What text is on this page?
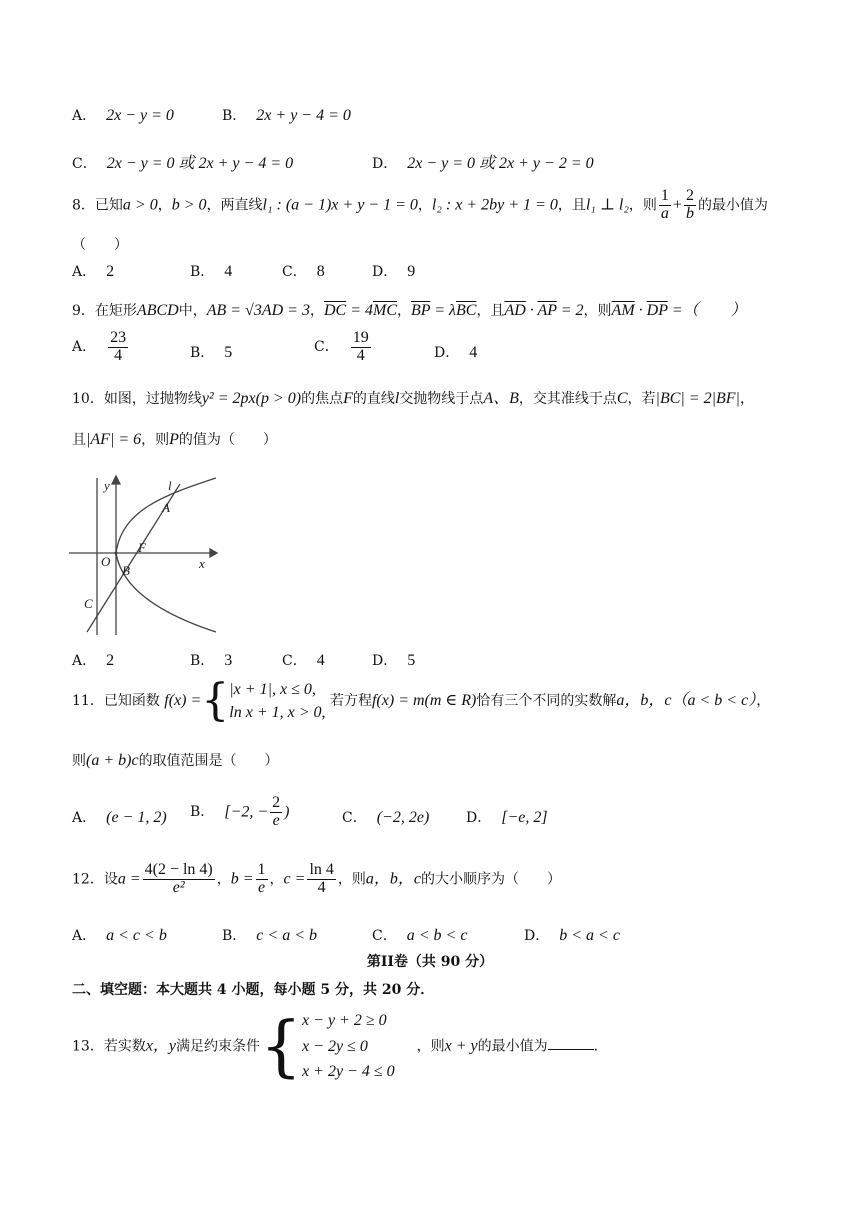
A． 2x − y = 0	B． 2x + y − 4 = 0
C． 2x − y = 0 或 2x + y − 4 = 0	D． 2x − y = 0 或 2x + y − 2 = 0
8．已知a > 0，b > 0，两直线l₁ : (a − 1)x + y − 1 = 0，l₂ : x + 2by + 1 = 0，且l₁ ⊥ l₂，则 $\frac{1}{a} + \frac{2}{b}$ 的最小值为
（　　）
A． 2	B． 4	C． 8	D． 9
9．在矩形ABCD中，AB = √3AD = 3，$\overline{DC} = 4\overline{MC}$，$\overline{BP} = \lambda\overline{BC}$，且$\overline{AD} \cdot \overline{AP} = 2$，则$\overline{AM} \cdot \overline{DP}$ =（　　）
A． $\frac{23}{4}$	B． 5	C． $\frac{19}{4}$	D． 4
10．如图，过抛物线y² = 2px(p > 0)的焦点F的直线l交抛物线于点A、B，交其准线于点C，若|BC| = 2|BF|，
且|AF| = 6，则P的值为（　　）
y
x
O
F
A
B
C
l
A． 2	B． 3	C． 4	D． 5
11．已知函数 f(x) ={|x + 1|, x ≤ 0,
ln x + 1, x > 0, 若方程f(x) = m(m ∈ R)恰有三个不同的实数解a，b，c（a < b < c），
则(a + b)c的取值范围是（　　）
A． (e − 1, 2) B． [−2, − $\frac{2}{e}$ )	C． (−2, 2e)	D． [−e, 2]
12．设$a = \frac{4(2 - \ln 4)}{\text{e²}}$ ，$b = \frac{1}{e}$ ，$c = \frac{\ln 4}{4}$ ，则a，b，c的大小顺序为（　　）
A． a < c < b	B． c < a < b	C． a < b < c	D． b < a < c
第II卷（共 90 分）
二、填空题：本大题共 4 小题，每小题 5 分，共 20 分．
13．若实数x，y满足约束条件{x − y + 2 ≥ 0
x − 2y ≤ 0
x + 2y − 4 ≤ 0，则x + y的最小值为	．
